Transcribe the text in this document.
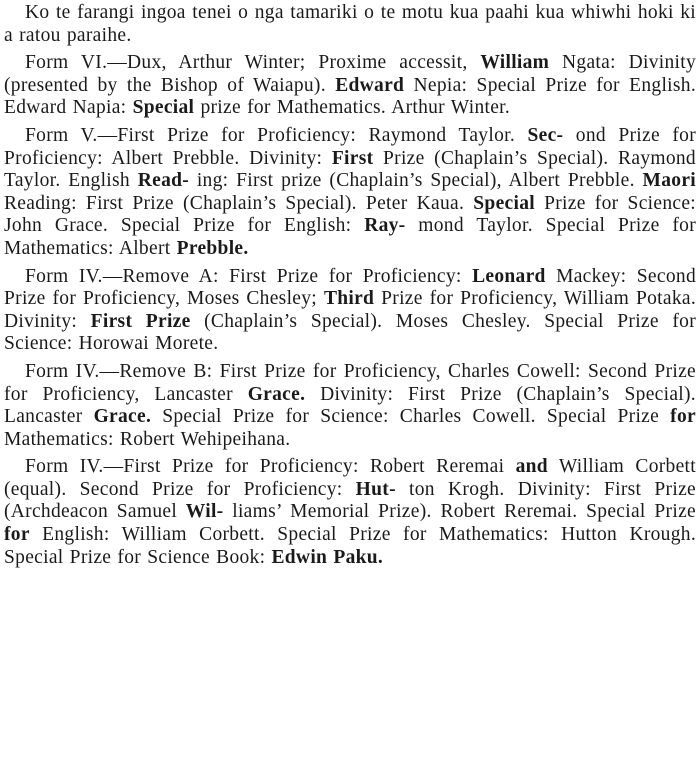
Ko te farangi ingoa tenei o nga tamariki o te motu kua paahi kua whiwhi hoki ki a ratou paraihe.

Form VI.—Dux, Arthur Winter; Proxime accessit, William Ngata: Divinity (presented by the Bishop of Waiapu). Edward Nepia: Special Prize for English. Edward Napia: Special prize for Mathematics. Arthur Winter.

Form V.—First Prize for Proficiency: Raymond Taylor. Sec- ond Prize for Proficiency: Albert Prebble. Divinity: First Prize (Chaplain’s Special). Raymond Taylor. English Read- ing: First prize (Chaplain’s Special), Albert Prebble. Maori Reading: First Prize (Chaplain’s Special). Peter Kaua. Special Prize for Science: John Grace. Special Prize for English: Ray- mond Taylor. Special Prize for Mathematics: Albert Prebble.

Form IV.—Remove A: First Prize for Proficiency: Leonard Mackey: Second Prize for Proficiency, Moses Chesley; Third Prize for Proficiency, William Potaka. Divinity: First Prize (Chaplain’s Special). Moses Chesley. Special Prize for Science: Horowai Morete.

Form IV.—Remove B: First Prize for Proficiency, Charles Cowell: Second Prize for Proficiency, Lancaster Grace. Divinity: First Prize (Chaplain’s Special). Lancaster Grace. Special Prize for Science: Charles Cowell. Special Prize for Mathematics: Robert Wehipeihana.

Form IV.—First Prize for Proficiency: Robert Reremai and William Corbett (equal). Second Prize for Proficiency: Hut- ton Krogh. Divinity: First Prize (Archdeacon Samuel Wil- liams’ Memorial Prize). Robert Reremai. Special Prize for English: William Corbett. Special Prize for Mathematics: Hutton Krough. Special Prize for Science Book: Edwin Paku.
